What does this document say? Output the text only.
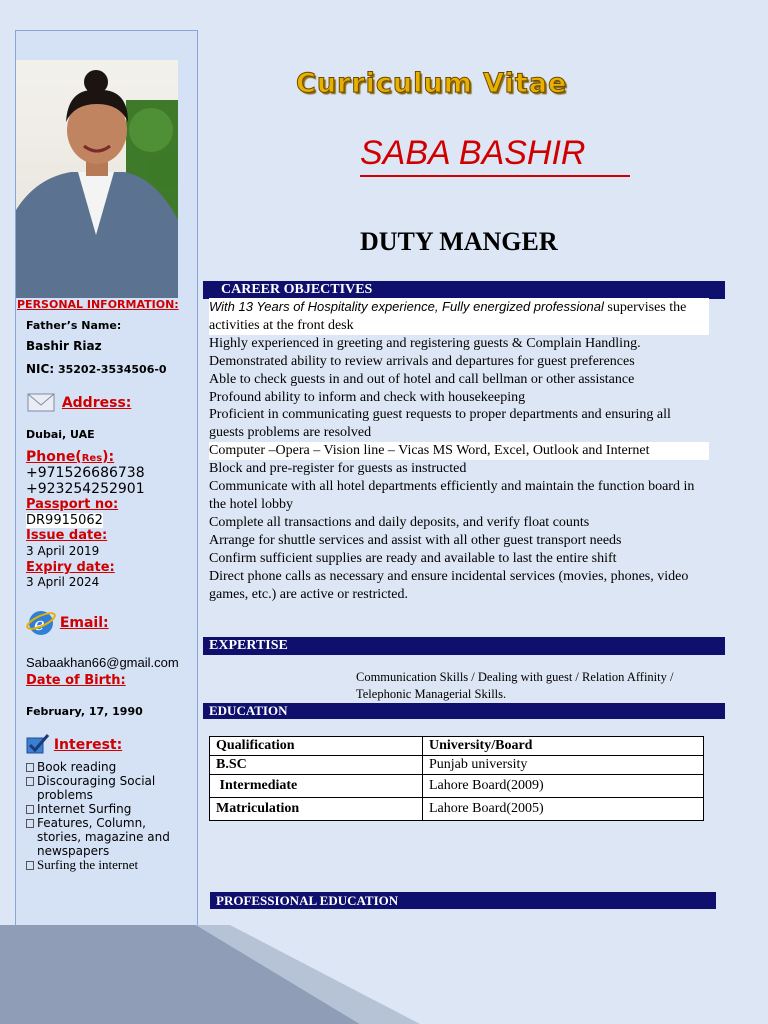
PERSONAL INFORMATION:
Father’s Name:
Bashir Riaz
NIC: 35202-3534506-0
Address:
Dubai, UAE
Phone(Res):
+971526686738
+923254252901
Passport no:
DR9915062
Issue date:
3 April 2019
Expiry date:
3 April 2024
e Email:
Sabaakhan66@gmail.com
Date of Birth:
February, 17, 1990
Interest:
Book reading
Discouraging Social problems
Internet Surfing
Features, Column, stories, magazine and newspapers
Surfing the internet
Curriculum Vitae
SABA BASHIR
DUTY MANGER
CAREER OBJECTIVES
With 13 Years of Hospitality experience, Fully energized professional supervises the activities at the front desk
Highly experienced in greeting and registering guests & Complain Handling.
Demonstrated ability to review arrivals and departures for guest preferences
Able to check guests in and out of hotel and call bellman or other assistance
Profound ability to inform and check with housekeeping
Proficient in communicating guest requests to proper departments and ensuring all guests problems are resolved
Computer –Opera – Vision line – Vicas MS Word, Excel, Outlook and Internet
Block and pre-register for guests as instructed
Communicate with all hotel departments efficiently and maintain the function board in the hotel lobby
Complete all transactions and daily deposits, and verify float counts
Arrange for shuttle services and assist with all other guest transport needs
Confirm sufficient supplies are ready and available to last the entire shift
Direct phone calls as necessary and ensure incidental services (movies, phones, video games, etc.) are active or restricted.
EXPERTISE
Communication Skills / Dealing with guest / Relation Affinity / Telephonic Managerial Skills.
EDUCATION
Qualification	University/Board
B.SC	Punjab university
Intermediate	Lahore Board(2009)
Matriculation	Lahore Board(2005)
PROFESSIONAL EDUCATION
